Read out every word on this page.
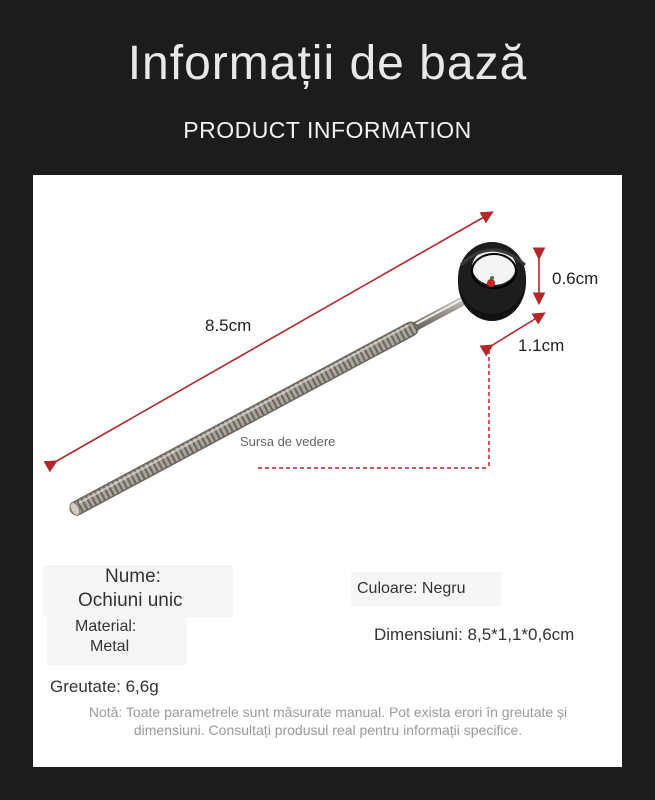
Informații de bază
PRODUCT INFORMATION
8.5cm
0.6cm
1.1cm
Sursa de vedere
Nume:
Ochiuni unic
Material:
Metal
Culoare: Negru
Dimensiuni: 8,5*1,1*0,6cm
Greutate: 6,6g
Notă: Toate parametrele sunt măsurate manual. Pot exista erori în greutate și dimensiuni. Consultați produsul real pentru informații specifice.
